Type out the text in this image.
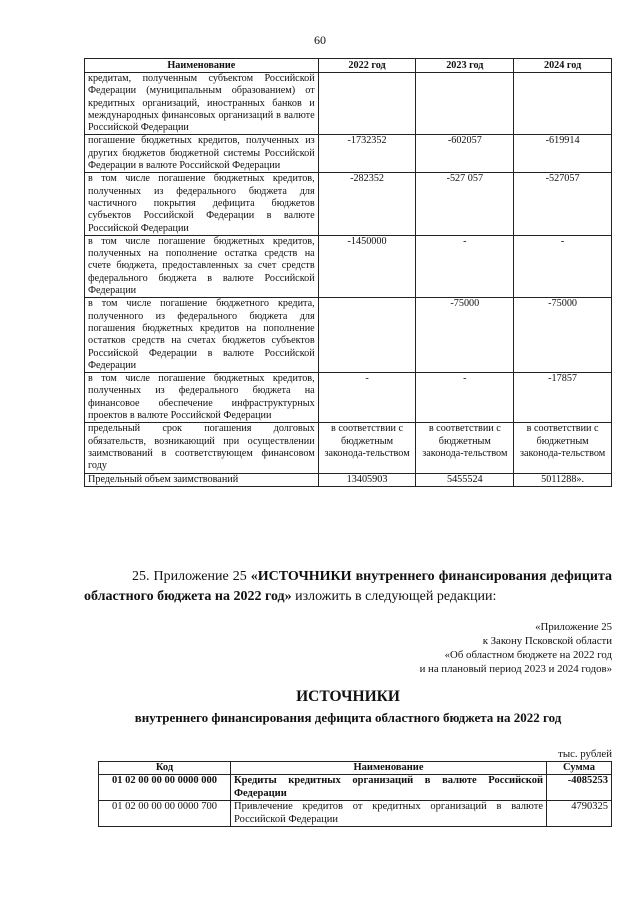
60
Наименование	2022 год	2023 год	2024 год
кредитам, полученным субъектом Российской Федерации (муниципальным образованием) от кредитных организаций, иностранных банков и международных финансовых организаций в валюте Российской Федерации			
погашение бюджетных кредитов, полученных из других бюджетов бюджетной системы Российской Федерации в валюте Российской Федерации	-1732352	-602057	-619914
в том числе погашение бюджетных кредитов, полученных из федерального бюджета для частичного покрытия дефицита бюджетов субъектов Российской Федерации в валюте Российской Федерации	-282352	-527 057	-527057
в том числе погашение бюджетных кредитов, полученных на пополнение остатка средств на счете бюджета, предоставленных за счет средств федерального бюджета в валюте Российской Федерации	-1450000	-	-
в том числе погашение бюджетного кредита, полученного из федерального бюджета для погашения бюджетных кредитов на пополнение остатков средств на счетах бюджетов субъектов Российской Федерации в валюте Российской Федерации		-75000	-75000
в том числе погашение бюджетных кредитов, полученных из федерального бюджета на финансовое обеспечение инфраструктурных проектов в валюте Российской Федерации	-	-	-17857
предельный срок погашения долговых обязательств, возникающий при осуществлении заимствований в соответствующем финансовом году	в соответствии с бюджетным законода-тельством	в соответствии с бюджетным законода-тельством	в соответствии с бюджетным законода-тельством
Предельный объем заимствований	13405903	5455524	5011288».
25. Приложение 25 «ИСТОЧНИКИ внутреннего финансирования дефицита областного бюджета на 2022 год» изложить в следующей редакции:
«Приложение 25
к Закону Псковской области
«Об областном бюджете на 2022 год
и на плановый период 2023 и 2024 годов»
ИСТОЧНИКИ
внутреннего финансирования дефицита областного бюджета на 2022 год
тыс. рублей
Код	Наименование	Сумма
01 02 00 00 00 0000 000	Кредиты кредитных организаций в валюте Российской Федерации	-4085253
01 02 00 00 00 0000 700	Привлечение кредитов от кредитных организаций в валюте Российской Федерации	4790325
